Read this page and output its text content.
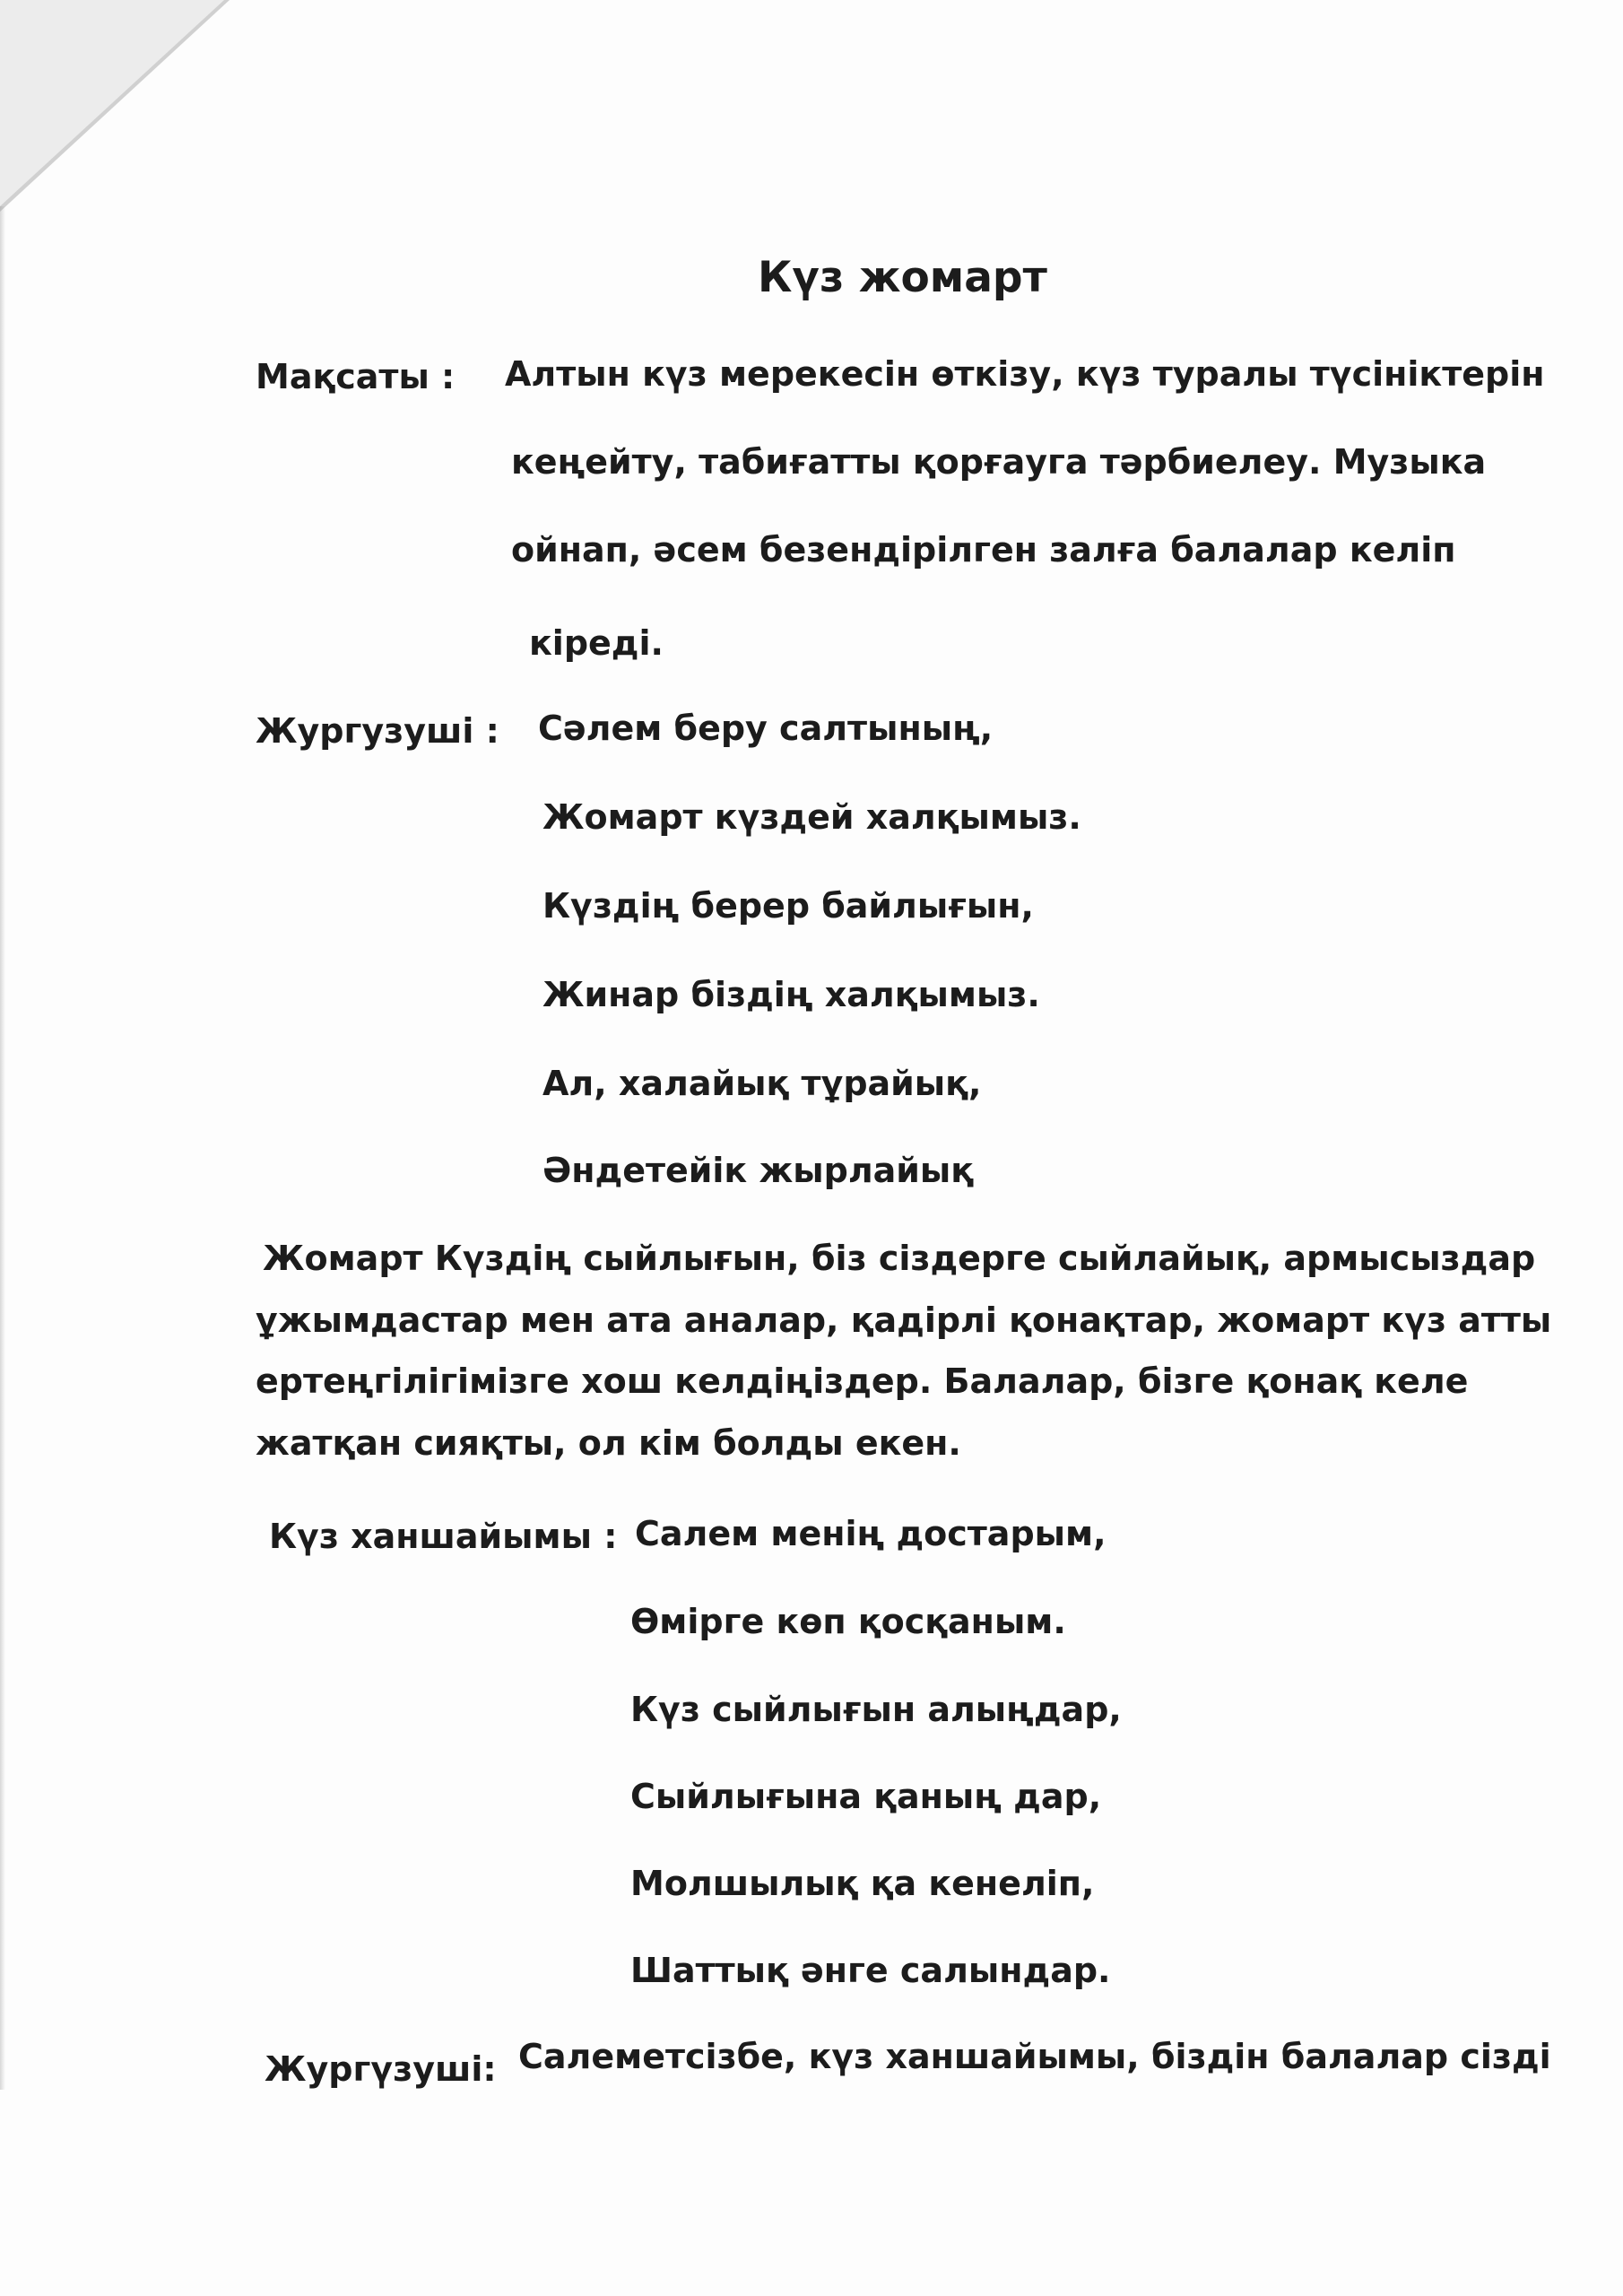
Күз жомарт
Мақсаты : Алтын күз мерекесін өткізу, күз туралы түсініктерін
кеңейту, табиғатты қорғауга тәрбиелеу. Музыка
ойнап, әсем безендірілген залға балалар келіп
кіреді.
Жургузуші : Сәлем беру салтының,
Жомарт күздей халқымыз.
Күздің берер байлығын,
Жинар біздің халқымыз.
Ал, халайық тұрайық,
Әндетейік жырлайық
Жомарт Күздің сыйлығын, біз сіздерге сыйлайық, армысыздар
ұжымдастар мен ата аналар, қадірлі қонақтар, жомарт күз атты
ертеңгілігімізге хош келдіңіздер. Балалар, бізге қонақ келе
жатқан сияқты, ол кім болды екен.
Күз ханшайымы : Салем менің достарым,
Өмірге көп қосқаным.
Күз сыйлығын алыңдар,
Сыйлығына қаның дар,
Молшылық қа кенеліп,
Шаттық әнге салындар.
Жургүзуші: Салеметсізбе, күз ханшайымы, біздін балалар сізді
